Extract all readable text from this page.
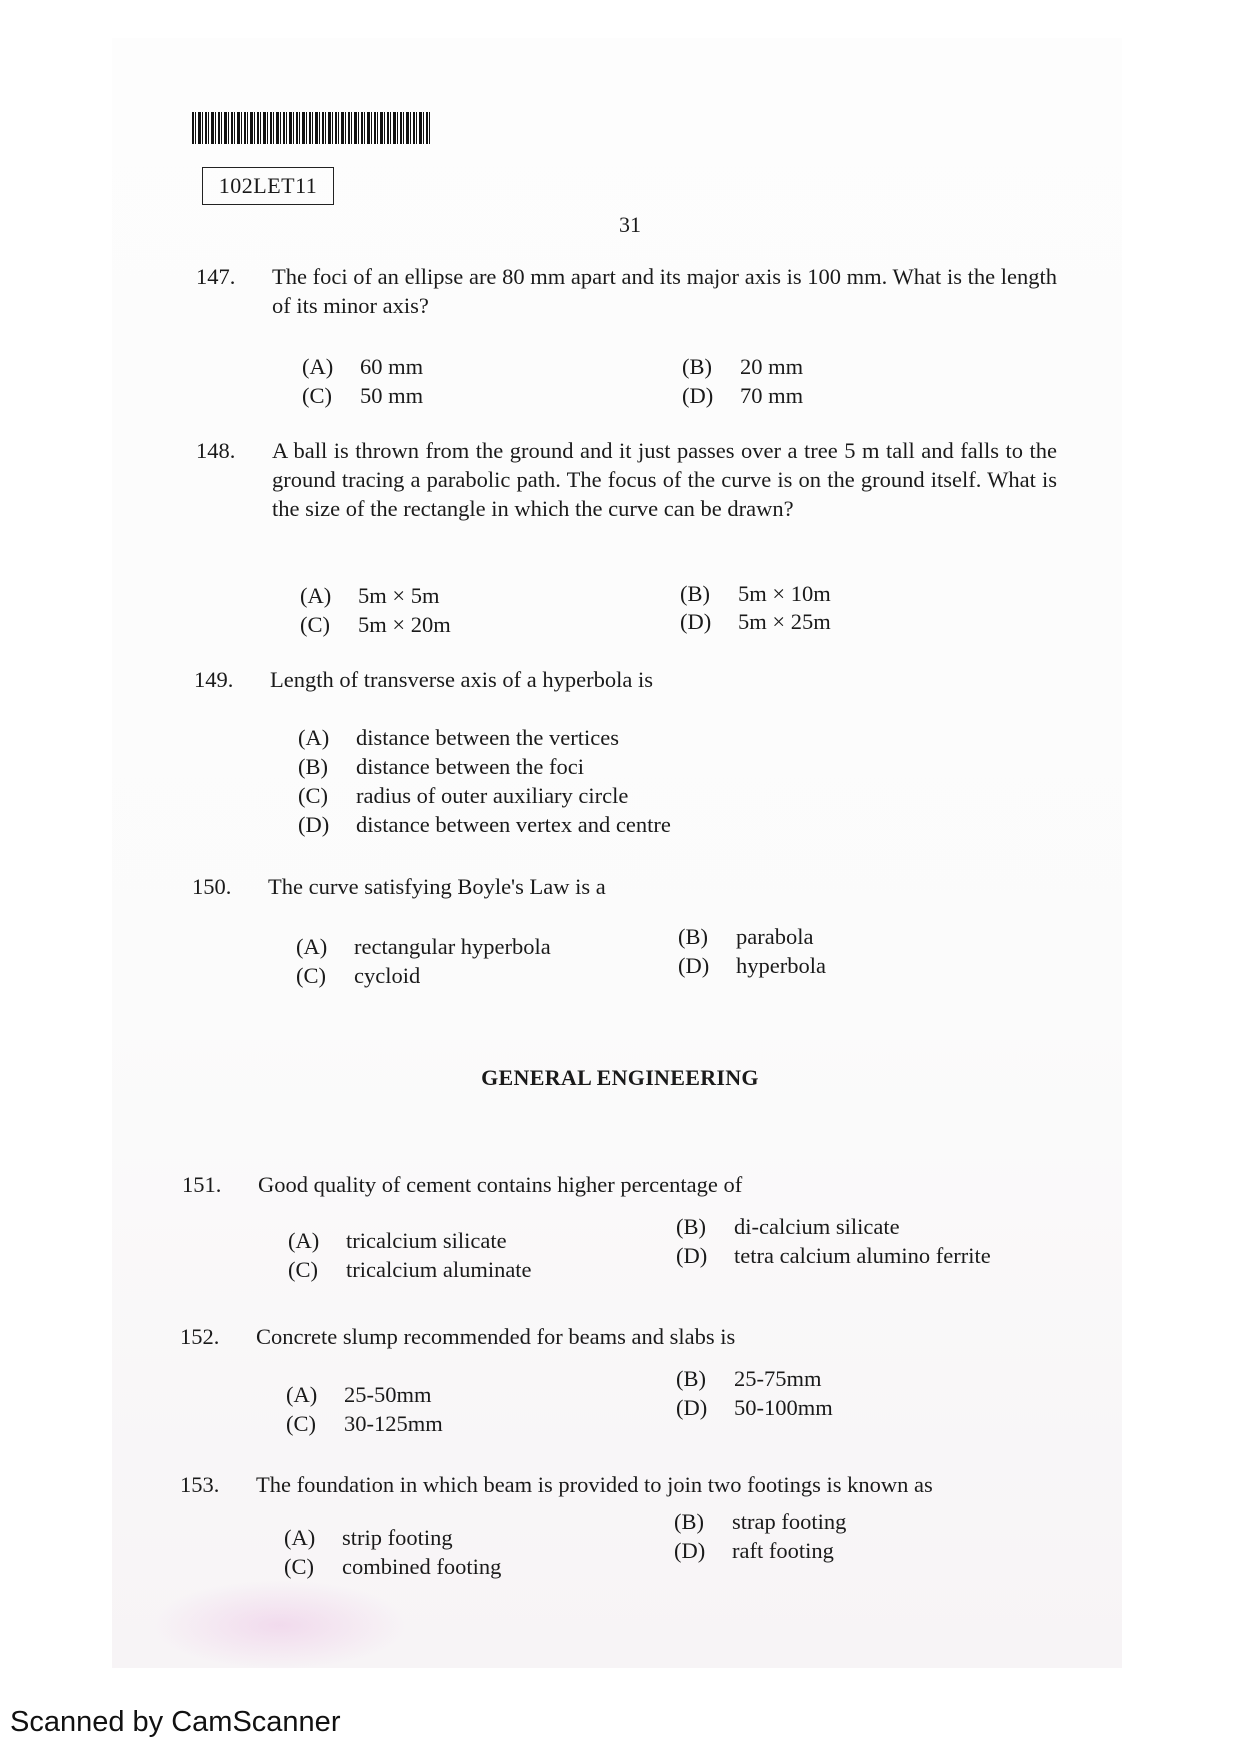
102LET11
31
147. The foci of an ellipse are 80 mm apart and its major axis is 100 mm. What is the length of its minor axis?
(A) 60 mm	(B) 20 mm
(C) 50 mm	(D) 70 mm
148. A ball is thrown from the ground and it just passes over a tree 5 m tall and falls to the ground tracing a parabolic path. The focus of the curve is on the ground itself. What is the size of the rectangle in which the curve can be drawn?
(A) 5m × 5m	(B) 5m × 10m
(C) 5m × 20m	(D) 5m × 25m
149. Length of transverse axis of a hyperbola is
(A) distance between the vertices
(B) distance between the foci
(C) radius of outer auxiliary circle
(D) distance between vertex and centre
150. The curve satisfying Boyle's Law is a
(A) rectangular hyperbola	(B) parabola
(C) cycloid	(D) hyperbola
GENERAL ENGINEERING
151. Good quality of cement contains higher percentage of
(A) tricalcium silicate
(B) di-calcium silicate
(C) tricalcium aluminate
(D) tetra calcium alumino ferrite
152. Concrete slump recommended for beams and slabs is
(A) 25-50mm
(B) 25-75mm
(C) 30-125mm
(D) 50-100mm
153. The foundation in which beam is provided to join two footings is known as
(A) strip footing
(B) strap footing
(C) combined footing
(D) raft footing
Scanned by CamScanner
